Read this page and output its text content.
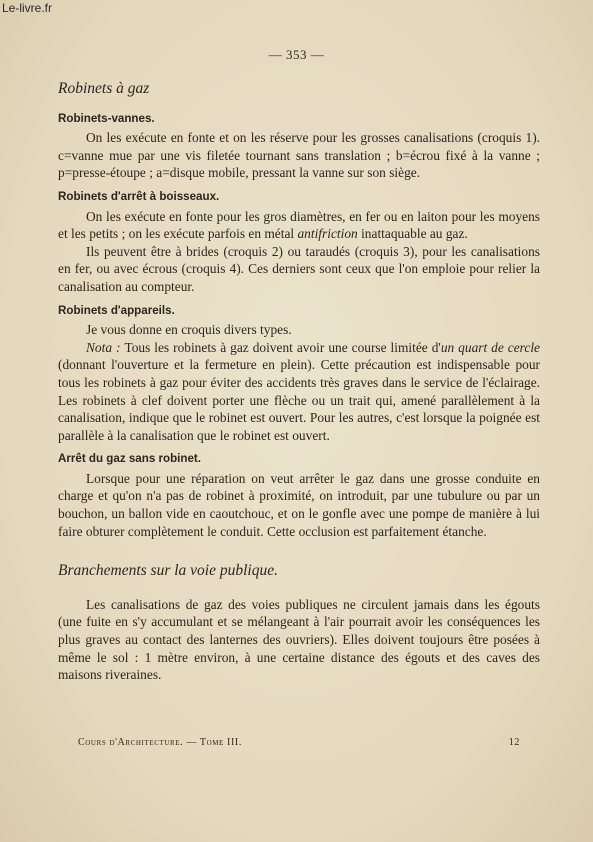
Le-livre.fr
— 353 —
Robinets à gaz
Robinets-vannes.

On les exécute en fonte et on les réserve pour les grosses canalisations (croquis 1). c=vanne mue par une vis filetée tournant sans translation ; b=écrou fixé à la vanne ; p=presse-étoupe ; a=disque mobile, pressant la vanne sur son siège.

Robinets d'arrêt à boisseaux.

On les exécute en fonte pour les gros diamètres, en fer ou en laiton pour les moyens et les petits ; on les exécute parfois en métal antifriction inattaquable au gaz.

Ils peuvent être à brides (croquis 2) ou taraudés (croquis 3), pour les canalisations en fer, ou avec écrous (croquis 4). Ces derniers sont ceux que l'on emploie pour relier la canalisation au compteur.

Robinets d'appareils.

Je vous donne en croquis divers types.

Nota : Tous les robinets à gaz doivent avoir une course limitée d'un quart de cercle (donnant l'ouverture et la fermeture en plein). Cette précaution est indispensable pour tous les robinets à gaz pour éviter des accidents très graves dans le service de l'éclairage. Les robinets à clef doivent porter une flèche ou un trait qui, amené parallèlement à la canalisation, indique que le robinet est ouvert. Pour les autres, c'est lorsque la poignée est parallèle à la canalisation que le robinet est ouvert.

Arrêt du gaz sans robinet.

Lorsque pour une réparation on veut arrêter le gaz dans une grosse conduite en charge et qu'on n'a pas de robinet à proximité, on introduit, par une tubulure ou par un bouchon, un ballon vide en caoutchouc, et on le gonfle avec une pompe de manière à lui faire obturer complètement le conduit. Cette occlusion est parfaitement étanche.

Branchements sur la voie publique.

Les canalisations de gaz des voies publiques ne circulent jamais dans les égouts (une fuite en s'y accumulant et se mélangeant à l'air pourrait avoir les conséquences les plus graves au contact des lanternes des ouvriers). Elles doivent toujours être posées à même le sol : 1 mètre environ, à une certaine distance des égouts et des caves des maisons riveraines.

Cours d'Architecture. — Tome III.	12
